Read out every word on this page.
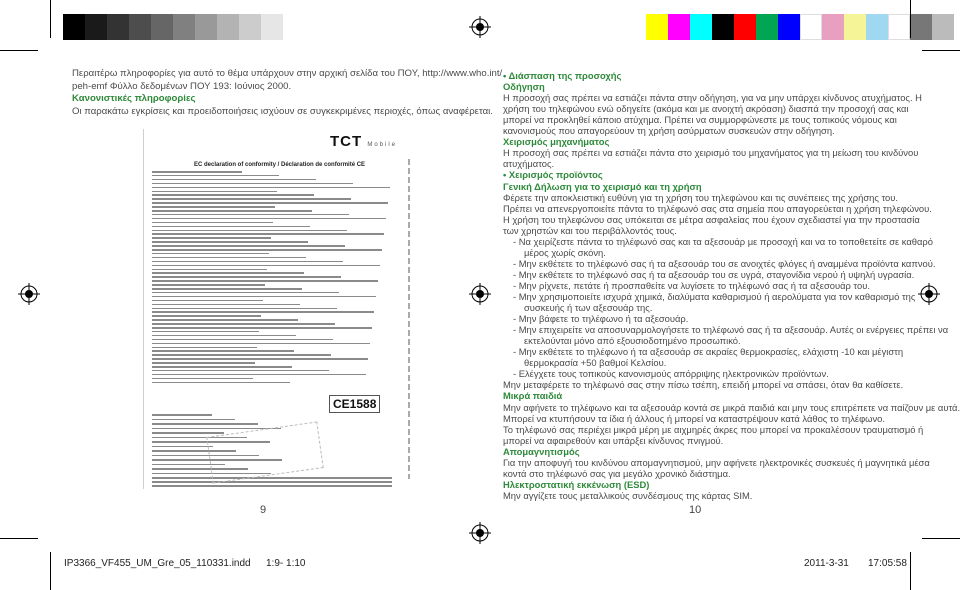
Περαιτέρω πληροφορίες για αυτό το θέμα υπάρχουν στην αρχική σελίδα του ΠΟΥ, http://www.who.int/
peh-emf Φύλλο δεδομένων ΠΟΥ 193: Ιούνιος 2000.
Κανονιστικές πληροφορίες
Οι παρακάτω εγκρίσεις και προειδοποιήσεις ισχύουν σε συγκεκριμένες περιοχές, όπως αναφέρεται.
TCT Mobile
EC declaration of conformity / Déclaration de conformité CE
CE1588
9
• Διάσπαση της προσοχής
Οδήγηση
Η προσοχή σας πρέπει να εστιάζει πάντα στην οδήγηση, για να μην υπάρχει κίνδυνος ατυχήματος. Η
χρήση του τηλεφώνου ενώ οδηγείτε (ακόμα και με ανοιχτή ακρόαση) διασπά την προσοχή σας και
μπορεί να προκληθεί κάποιο ατύχημα. Πρέπει να συμμορφώνεστε με τους τοπικούς νόμους και
κανονισμούς που απαγορεύουν τη χρήση ασύρματων συσκευών στην οδήγηση.
Χειρισμός μηχανήματος
Η προσοχή σας πρέπει να εστιάζει πάντα στο χειρισμό του μηχανήματος για τη μείωση του κινδύνου
ατυχήματος.
• Χειρισμός προϊόντος
Γενική Δήλωση για το χειρισμό και τη χρήση
Φέρετε την αποκλειστική ευθύνη για τη χρήση του τηλεφώνου και τις συνέπειες της χρήσης του.
Πρέπει να απενεργοποιείτε πάντα το τηλέφωνό σας στα σημεία που απαγορεύεται η χρήση τηλεφώνου.
Η χρήση του τηλεφώνου σας υπόκειται σε μέτρα ασφαλείας που έχουν σχεδιαστεί για την προστασία
των χρηστών και του περιβάλλοντός τους.
- Να χειρίζεστε πάντα το τηλέφωνό σας και τα αξεσουάρ με προσοχή και να το τοποθετείτε σε καθαρό
μέρος χωρίς σκόνη.
- Μην εκθέτετε το τηλέφωνό σας ή τα αξεσουάρ του σε ανοιχτές φλόγες ή αναμμένα προϊόντα καπνού.
- Μην εκθέτετε το τηλέφωνό σας ή τα αξεσουάρ του σε υγρά, σταγονίδια νερού ή υψηλή υγρασία.
- Μην ρίχνετε, πετάτε ή προσπαθείτε να λυγίσετε το τηλέφωνό σας ή τα αξεσουάρ του.
- Μην χρησιμοποιείτε ισχυρά χημικά, διαλύματα καθαρισμού ή αερολύματα για τον καθαρισμό της
συσκευής ή των αξεσουάρ της.
- Μην βάφετε το τηλέφωνο ή τα αξεσουάρ.
- Μην επιχειρείτε να αποσυναρμολογήσετε το τηλέφωνό σας ή τα αξεσουάρ. Αυτές οι ενέργειες πρέπει να
εκτελούνται μόνο από εξουσιοδοτημένο προσωπικό.
- Μην εκθέτετε το τηλέφωνο ή τα αξεσουάρ σε ακραίες θερμοκρασίες, ελάχιστη -10 και μέγιστη
θερμοκρασία +50 βαθμοί Κελσίου.
- Ελέγχετε τους τοπικούς κανονισμούς απόρριψης ηλεκτρονικών προϊόντων.
Μην μεταφέρετε το τηλέφωνό σας στην πίσω τσέπη, επειδή μπορεί να σπάσει, όταν θα καθίσετε.
Μικρά παιδιά
Μην αφήνετε το τηλέφωνο και τα αξεσουάρ κοντά σε μικρά παιδιά και μην τους επιτρέπετε να παίζουν με αυτά.
Μπορεί να κτυπήσουν τα ίδια ή άλλους ή μπορεί να καταστρέψουν κατά λάθος το τηλέφωνο.
Το τηλέφωνό σας περιέχει μικρά μέρη με αιχμηρές άκρες που μπορεί να προκαλέσουν τραυματισμό ή
μπορεί να αφαιρεθούν και υπάρξει κίνδυνος πνιγμού.
Απομαγνητισμός
Για την αποφυγή του κινδύνου απομαγνητισμού, μην αφήνετε ηλεκτρονικές συσκευές ή μαγνητικά μέσα
κοντά στο τηλέφωνό σας για μεγάλο χρονικό διάστημα.
Ηλεκτροστατική εκκένωση (ESD)
Μην αγγίζετε τους μεταλλικούς συνδέσμους της κάρτας SIM.
10
IP3366_VF455_UM_Gre_05_110331.indd 1:9- 1:10	2011-3-31 17:05:58
